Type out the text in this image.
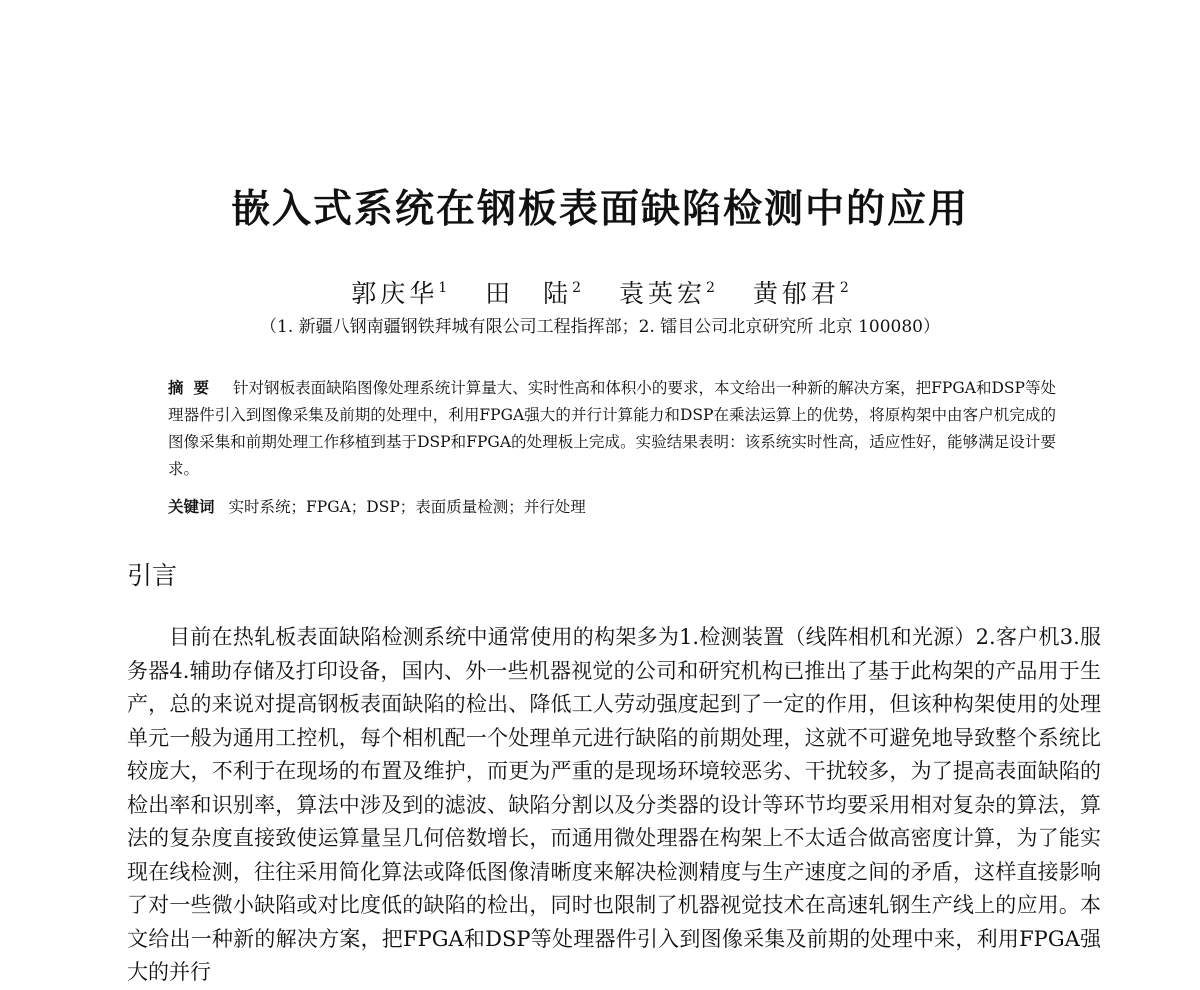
嵌入式系统在钢板表面缺陷检测中的应用
郭庆华$^1$ 田　陆$^2$ 袁英宏$^2$ 黄郁君$^2$
（1. 新疆八钢南疆钢铁拜城有限公司工程指挥部；2. 镭目公司北京研究所 北京 100080）
摘要 针对钢板表面缺陷图像处理系统计算量大、实时性高和体积小的要求，本文给出一种新的解决方案，把FPGA和DSP等处理器件引入到图像采集及前期的处理中，利用FPGA强大的并行计算能力和DSP在乘法运算上的优势，将原构架中由客户机完成的图像采集和前期处理工作移植到基于DSP和FPGA的处理板上完成。实验结果表明：该系统实时性高，适应性好，能够满足设计要求。
关键词 实时系统；FPGA；DSP；表面质量检测；并行处理
引言
目前在热轧板表面缺陷检测系统中通常使用的构架多为1.检测装置（线阵相机和光源）2.客户机3.服务器4.辅助存储及打印设备，国内、外一些机器视觉的公司和研究机构已推出了基于此构架的产品用于生产，总的来说对提高钢板表面缺陷的检出、降低工人劳动强度起到了一定的作用，但该种构架使用的处理单元一般为通用工控机，每个相机配一个处理单元进行缺陷的前期处理，这就不可避免地导致整个系统比较庞大，不利于在现场的布置及维护，而更为严重的是现场环境较恶劣、干扰较多，为了提高表面缺陷的检出率和识别率，算法中涉及到的滤波、缺陷分割以及分类器的设计等环节均要采用相对复杂的算法，算法的复杂度直接致使运算量呈几何倍数增长，而通用微处理器在构架上不太适合做高密度计算，为了能实现在线检测，往往采用简化算法或降低图像清晰度来解决检测精度与生产速度之间的矛盾，这样直接影响了对一些微小缺陷或对比度低的缺陷的检出，同时也限制了机器视觉技术在高速轧钢生产线上的应用。本文给出一种新的解决方案，把FPGA和DSP等处理器件引入到图像采集及前期的处理中来，利用FPGA强大的并行
